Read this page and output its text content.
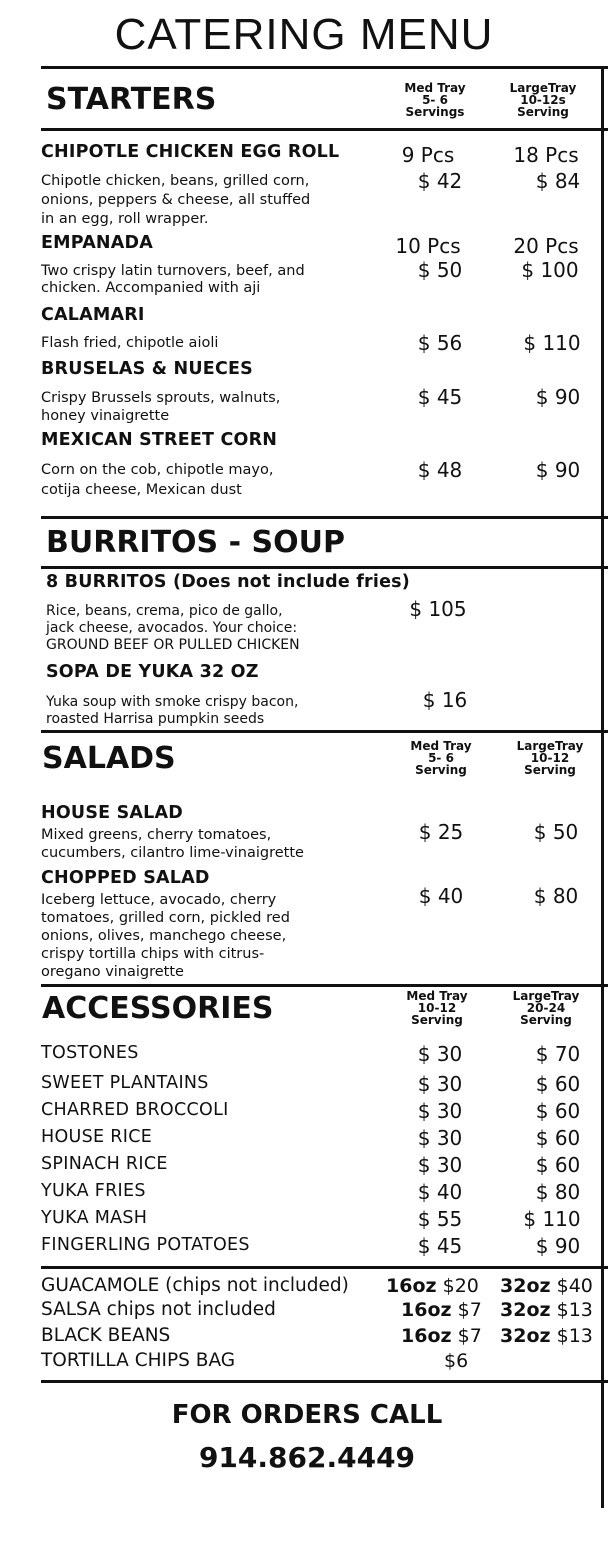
CATERING MENU
STARTERS	Med Tray
5- 6
Servings
LargeTray
10-12s
Serving
CHIPOTLE CHICKEN EGG ROLL
Chipotle chicken, beans, grilled corn,
onions, peppers & cheese, all stuffed
in an egg, roll wrapper.
9 Pcs	18 Pcs
$ 42	$ 84
EMPANADA
Two crispy latin turnovers, beef, and
chicken. Accompanied with aji
10 Pcs	20 Pcs
$ 50	$ 100
CALAMARI
Flash fried, chipotle aioli	$ 56	$ 110
BRUSELAS & NUECES
Crispy Brussels sprouts, walnuts,
honey vinaigrette
$ 45	$ 90
MEXICAN STREET CORN
Corn on the cob, chipotle mayo,
cotija cheese, Mexican dust
$ 48	$ 90
BURRITOS - SOUP
8 BURRITOS (Does not include fries)
Rice, beans, crema, pico de gallo,
jack cheese, avocados. Your choice:
GROUND BEEF OR PULLED CHICKEN
$ 105
SOPA DE YUKA 32 OZ
Yuka soup with smoke crispy bacon,
roasted Harrisa pumpkin seeds
$ 16
SALADS	Med Tray
5- 6
Serving
LargeTray
10-12
Serving
HOUSE SALAD
Mixed greens, cherry tomatoes,
cucumbers, cilantro lime-vinaigrette
$ 25	$ 50
CHOPPED SALAD
Iceberg lettuce, avocado, cherry
tomatoes, grilled corn, pickled red
onions, olives, manchego cheese,
crispy tortilla chips with citrus-
oregano vinaigrette
$ 40	$ 80
ACCESSORIES	Med Tray
10-12
Serving
LargeTray
20-24
Serving
TOSTONES	$ 30	$ 70
SWEET PLANTAINS	$ 30	$ 60
CHARRED BROCCOLI	$ 30	$ 60
HOUSE RICE	$ 30	$ 60
SPINACH RICE	$ 30	$ 60
YUKA FRIES	$ 40	$ 80
YUKA MASH	$ 55	$ 110
FINGERLING POTATOES	$ 45	$ 90
GUACAMOLE (chips not included) 16oz $20 32oz $40
SALSA chips not included	16oz $7 32oz $13
BLACK BEANS	16oz $7 32oz $13
TORTILLA CHIPS BAG	$6
FOR ORDERS CALL
914.862.4449
